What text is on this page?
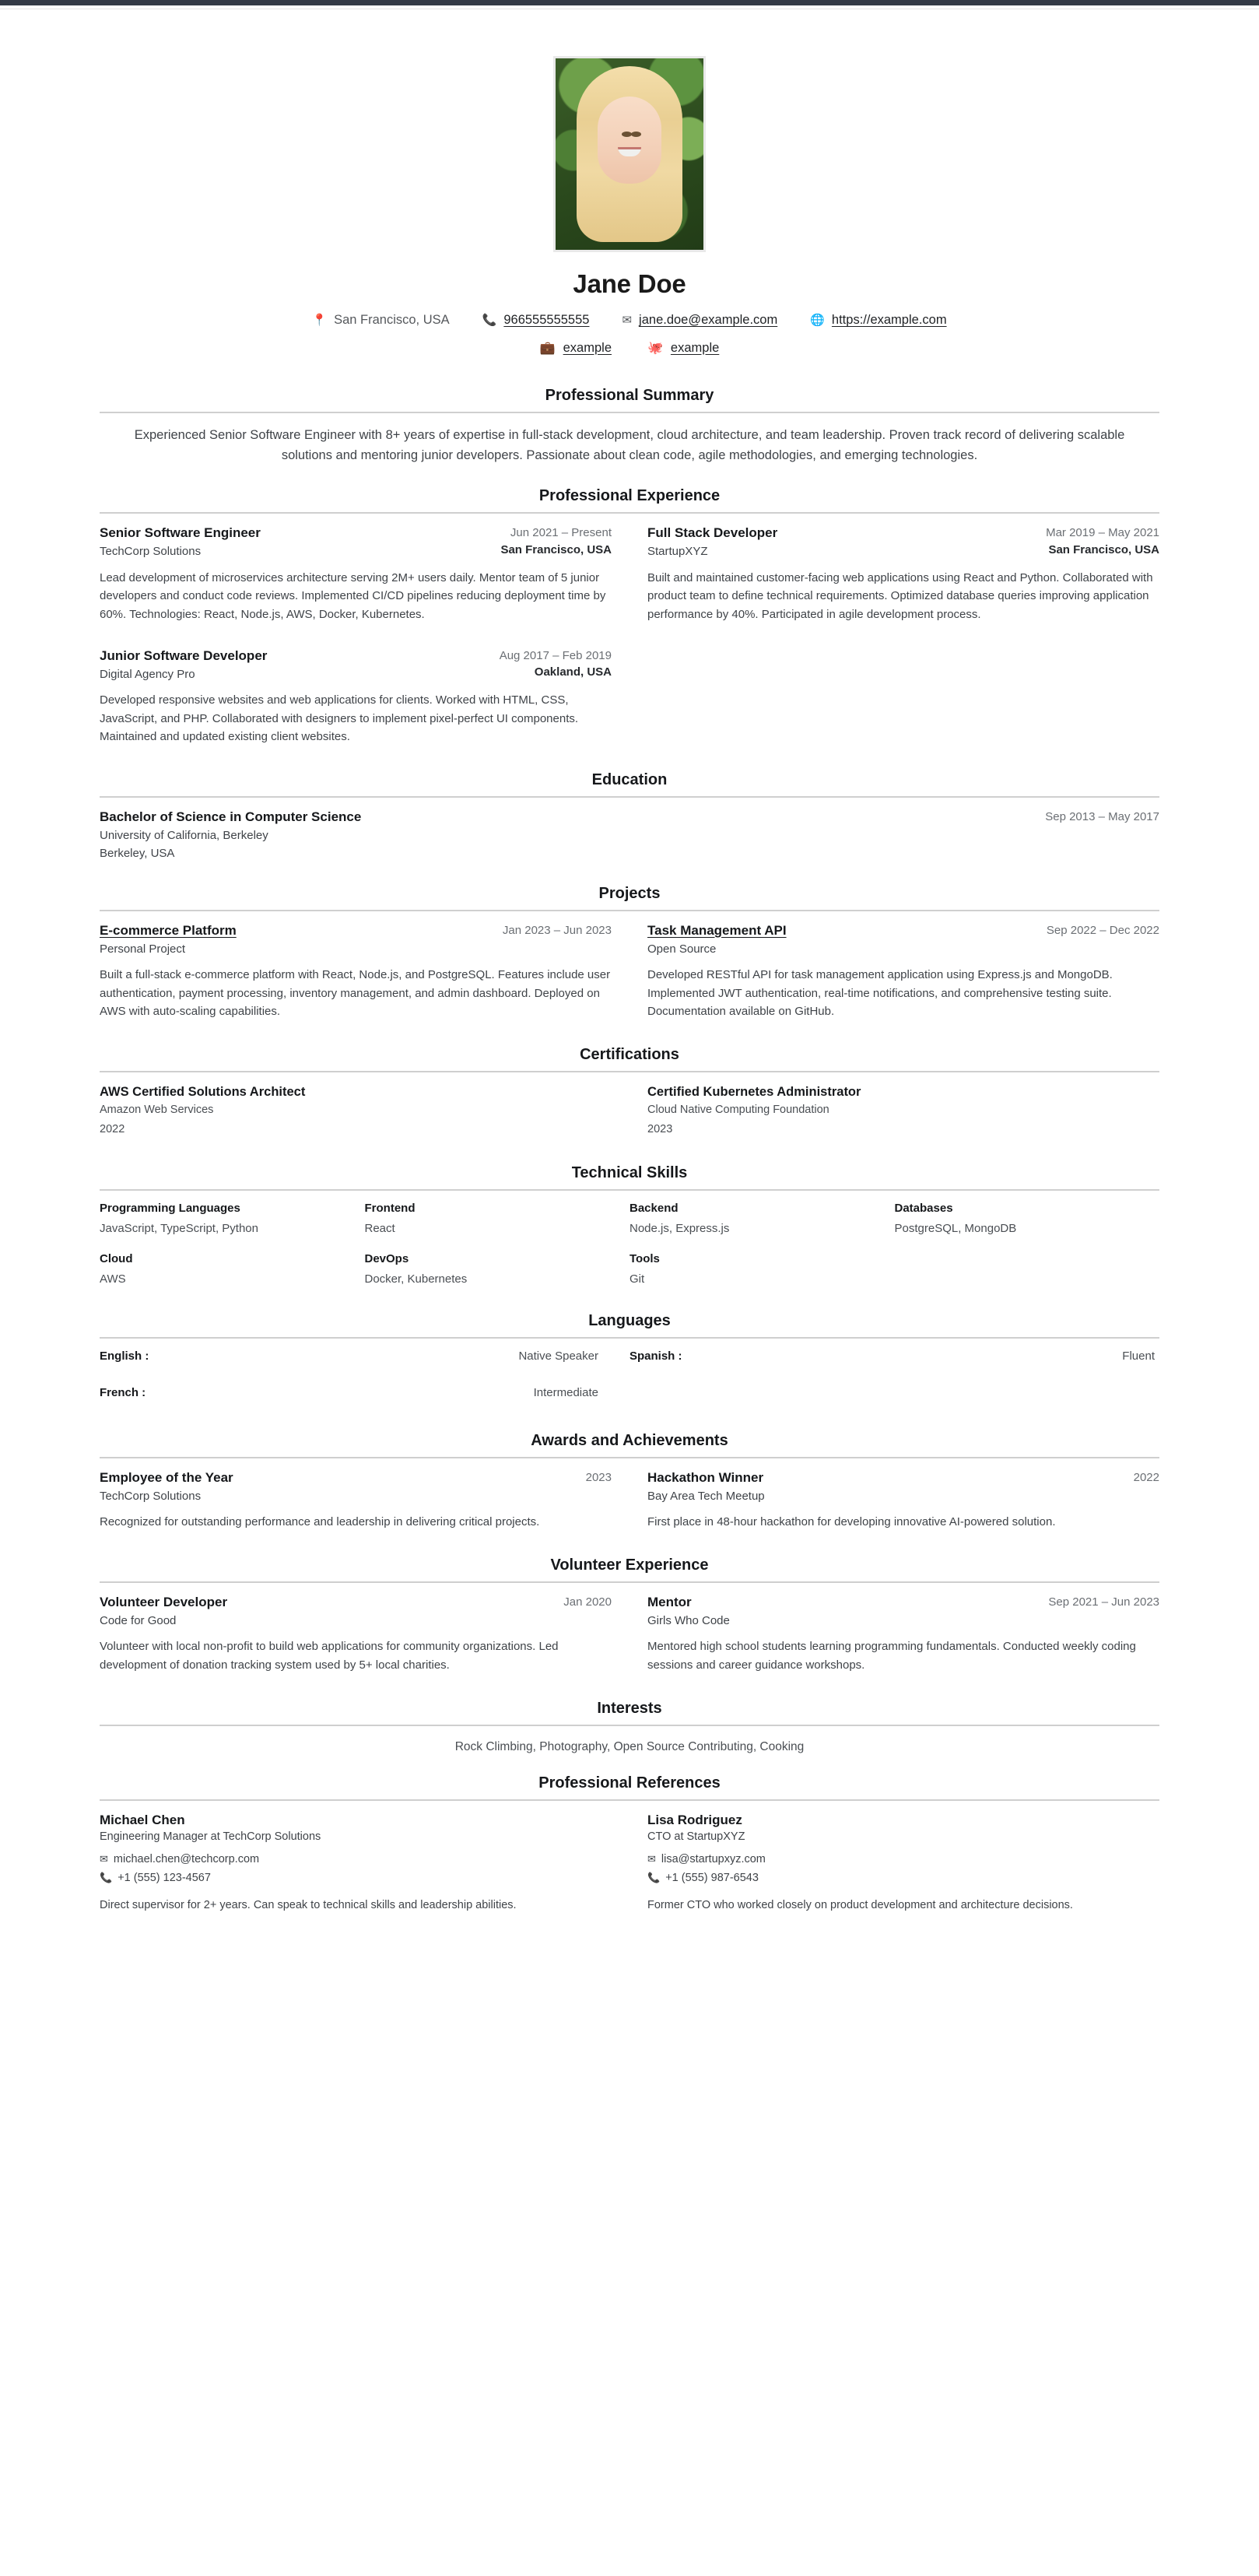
Jane Doe
📍 San Francisco, USA	📞 966555555555	✉ jane.doe@example.com	🌐 https://example.com
💼 example	🐙 example
Professional Summary
Experienced Senior Software Engineer with 8+ years of expertise in full-stack development, cloud architecture, and team leadership. Proven track record of delivering scalable solutions and mentoring junior developers. Passionate about clean code, agile methodologies, and emerging technologies.
Professional Experience
Senior Software Engineer
TechCorp Solutions
Jun 2021 – Present
San Francisco, USA
Lead development of microservices architecture serving 2M+ users daily. Mentor team of 5 junior developers and conduct code reviews. Implemented CI/CD pipelines reducing deployment time by 60%. Technologies: React, Node.js, AWS, Docker, Kubernetes.
Full Stack Developer
StartupXYZ
Mar 2019 – May 2021
San Francisco, USA
Built and maintained customer-facing web applications using React and Python. Collaborated with product team to define technical requirements. Optimized database queries improving application performance by 40%. Participated in agile development process.
Junior Software Developer
Digital Agency Pro
Aug 2017 – Feb 2019
Oakland, USA
Developed responsive websites and web applications for clients. Worked with HTML, CSS, JavaScript, and PHP. Collaborated with designers to implement pixel-perfect UI components. Maintained and updated existing client websites.
Education
Bachelor of Science in Computer Science
University of California, Berkeley
Berkeley, USA
Sep 2013 – May 2017
Projects
E-commerce Platform
Personal Project
Jan 2023 – Jun 2023
Built a full-stack e-commerce platform with React, Node.js, and PostgreSQL. Features include user authentication, payment processing, inventory management, and admin dashboard. Deployed on AWS with auto-scaling capabilities.
Task Management API
Open Source
Sep 2022 – Dec 2022
Developed RESTful API for task management application using Express.js and MongoDB. Implemented JWT authentication, real-time notifications, and comprehensive testing suite. Documentation available on GitHub.
Certifications
AWS Certified Solutions Architect
Amazon Web Services
2022
Certified Kubernetes Administrator
Cloud Native Computing Foundation
2023
Technical Skills
Programming Languages
JavaScript, TypeScript, Python
Frontend
React
Backend
Node.js, Express.js
Databases
PostgreSQL, MongoDB
Cloud
AWS
DevOps
Docker, Kubernetes
Tools
Git
Languages
English :	Native Speaker	Spanish :	Fluent
French :	Intermediate
Awards and Achievements
Employee of the Year
TechCorp Solutions
2023
Recognized for outstanding performance and leadership in delivering critical projects.
Hackathon Winner
Bay Area Tech Meetup
2022
First place in 48-hour hackathon for developing innovative AI-powered solution.
Volunteer Experience
Volunteer Developer
Code for Good
Jan 2020
Volunteer with local non-profit to build web applications for community organizations. Led development of donation tracking system used by 5+ local charities.
Mentor
Girls Who Code
Sep 2021 – Jun 2023
Mentored high school students learning programming fundamentals. Conducted weekly coding sessions and career guidance workshops.
Interests
Rock Climbing, Photography, Open Source Contributing, Cooking
Professional References
Michael Chen
Engineering Manager at TechCorp Solutions
✉ michael.chen@techcorp.com
📞 +1 (555) 123-4567
Direct supervisor for 2+ years. Can speak to technical skills and leadership abilities.
Lisa Rodriguez
CTO at StartupXYZ
✉ lisa@startupxyz.com
📞 +1 (555) 987-6543
Former CTO who worked closely on product development and architecture decisions.
